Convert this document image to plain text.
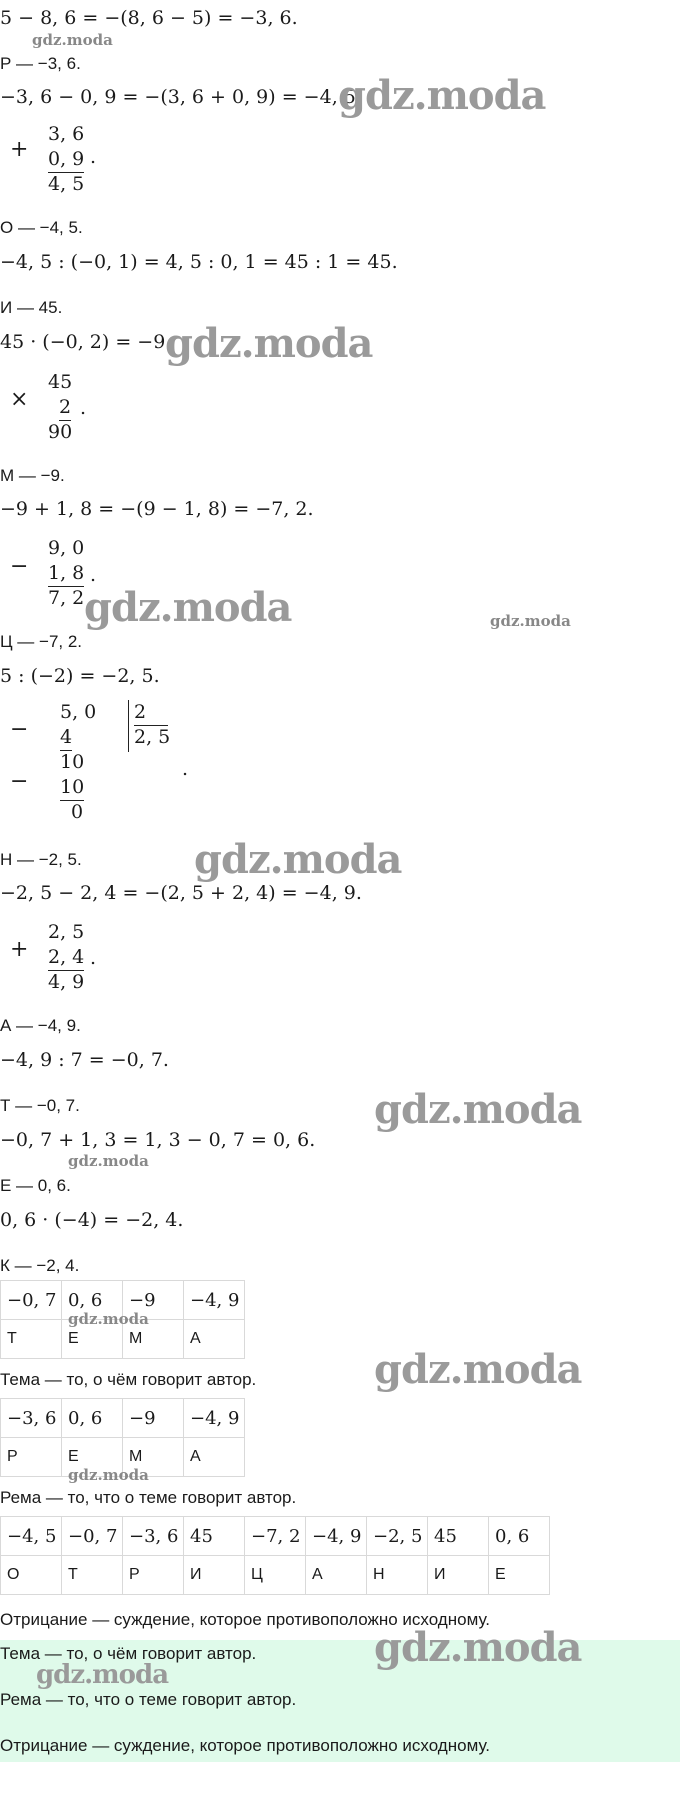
5 − 8, 6 = −(8, 6 − 5) = −3, 6.
gdz.moda
Р — −3, 6.
−3, 6 − 0, 9 = −(3, 6 + 0, 9) = −4, 5.
gdz.moda
+
3, 6
0, 9
4, 5
.
О — −4, 5.
−4, 5 : (−0, 1) = 4, 5 : 0, 1 = 45 : 1 = 45.
И — 45.
45 · (−0, 2) = −9.
gdz.moda
×
45
2
90
.
М — −9.
−9 + 1, 8 = −(9 − 1, 8) = −7, 2.
−
9, 0
1, 8
7, 2
.
gdz.moda	gdz.moda
Ц — −7, 2.
5 : (−2) = −2, 5.
−
−
5, 0
4
10
10
0
2
2, 5
.
Н — −2, 5.	gdz.moda
−2, 5 − 2, 4 = −(2, 5 + 2, 4) = −4, 9.
+
2, 5
2, 4
4, 9
.
А — −4, 9.
−4, 9 : 7 = −0, 7.
Т — −0, 7.	gdz.moda
−0, 7 + 1, 3 = 1, 3 − 0, 7 = 0, 6.
gdz.moda
Е — 0, 6.
0, 6 · (−4) = −2, 4.
К — −2, 4.
−0, 7	0, 6	−9	−4, 9
Т	Е	М	А
gdz.moda
Тема — то, о чём говорит автор.	gdz.moda
−3, 6	0, 6	−9	−4, 9
Р	Е	М	А
gdz.moda
Рема — то, что о теме говорит автор.
−4, 5	−0, 7	−3, 6	45	−7, 2	−4, 9	−2, 5	45	0, 6
О	Т	Р	И	Ц	А	Н	И	Е
Отрицание — суждение, которое противоположно исходному.
Тема — то, о чём говорит автор.
Рема — то, что о теме говорит автор.
Отрицание — суждение, которое противоположно исходному.
gdz.moda
gdz.moda
